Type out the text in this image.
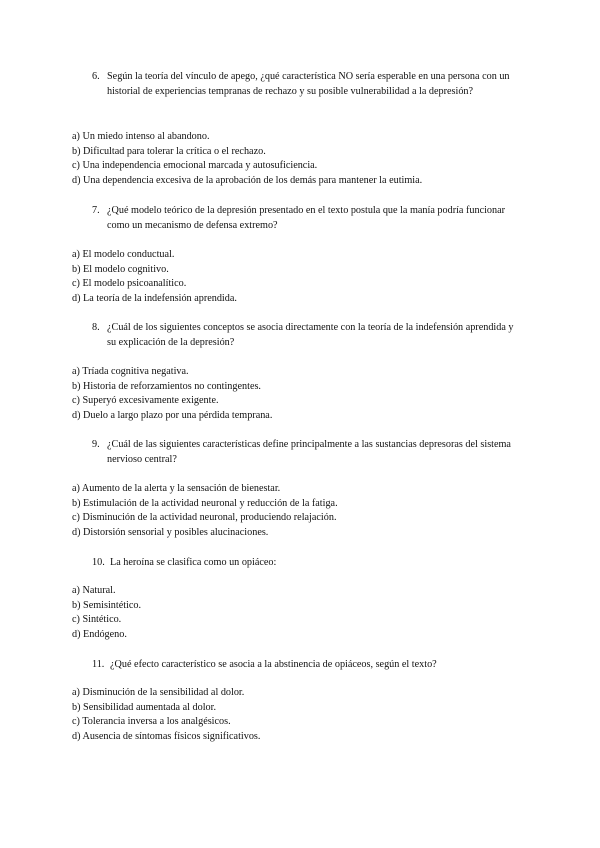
6. Según la teoría del vínculo de apego, ¿qué característica NO sería esperable en una persona con un historial de experiencias tempranas de rechazo y su posible vulnerabilidad a la depresión?
a) Un miedo intenso al abandono.
b) Dificultad para tolerar la crítica o el rechazo.
c) Una independencia emocional marcada y autosuficiencia.
d) Una dependencia excesiva de la aprobación de los demás para mantener la eutimia.
7. ¿Qué modelo teórico de la depresión presentado en el texto postula que la manía podría funcionar como un mecanismo de defensa extremo?
a) El modelo conductual.
b) El modelo cognitivo.
c) El modelo psicoanalítico.
d) La teoría de la indefensión aprendida.
8. ¿Cuál de los siguientes conceptos se asocia directamente con la teoría de la indefensión aprendida y su explicación de la depresión?
a) Tríada cognitiva negativa.
b) Historia de reforzamientos no contingentes.
c) Superyó excesivamente exigente.
d) Duelo a largo plazo por una pérdida temprana.
9. ¿Cuál de las siguientes características define principalmente a las sustancias depresoras del sistema nervioso central?
a) Aumento de la alerta y la sensación de bienestar.
b) Estimulación de la actividad neuronal y reducción de la fatiga.
c) Disminución de la actividad neuronal, produciendo relajación.
d) Distorsión sensorial y posibles alucinaciones.
10. La heroína se clasifica como un opiáceo:
a) Natural.
b) Semisintético.
c) Sintético.
d) Endógeno.
11. ¿Qué efecto característico se asocia a la abstinencia de opiáceos, según el texto?
a) Disminución de la sensibilidad al dolor.
b) Sensibilidad aumentada al dolor.
c) Tolerancia inversa a los analgésicos.
d) Ausencia de síntomas físicos significativos.
